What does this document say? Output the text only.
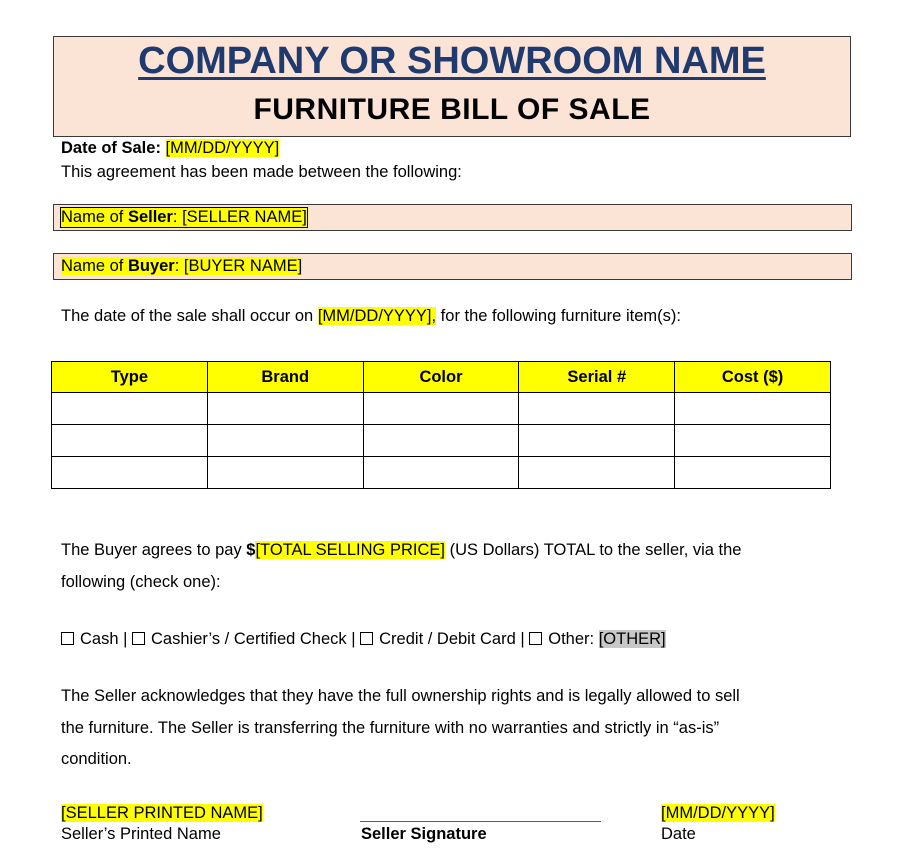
COMPANY OR SHOWROOM NAME
FURNITURE BILL OF SALE
Date of Sale: [MM/DD/YYYY]
This agreement has been made between the following:
Name of Seller: [SELLER NAME]
Name of Buyer: [BUYER NAME]
The date of the sale shall occur on [MM/DD/YYYY], for the following furniture item(s):
Type	Brand	Color	Serial #	Cost ($)

The Buyer agrees to pay $[TOTAL SELLING PRICE] (US Dollars) TOTAL to the seller, via the
following (check one):
Cash | Cashier’s / Certified Check | Credit / Debit Card | Other: [OTHER]
The Seller acknowledges that they have the full ownership rights and is legally allowed to sell
the furniture. The Seller is transferring the furniture with no warranties and strictly in “as-is”
condition.
[SELLER PRINTED NAME]
Seller’s Printed Name	Seller Signature
[MM/DD/YYYY]
Date
